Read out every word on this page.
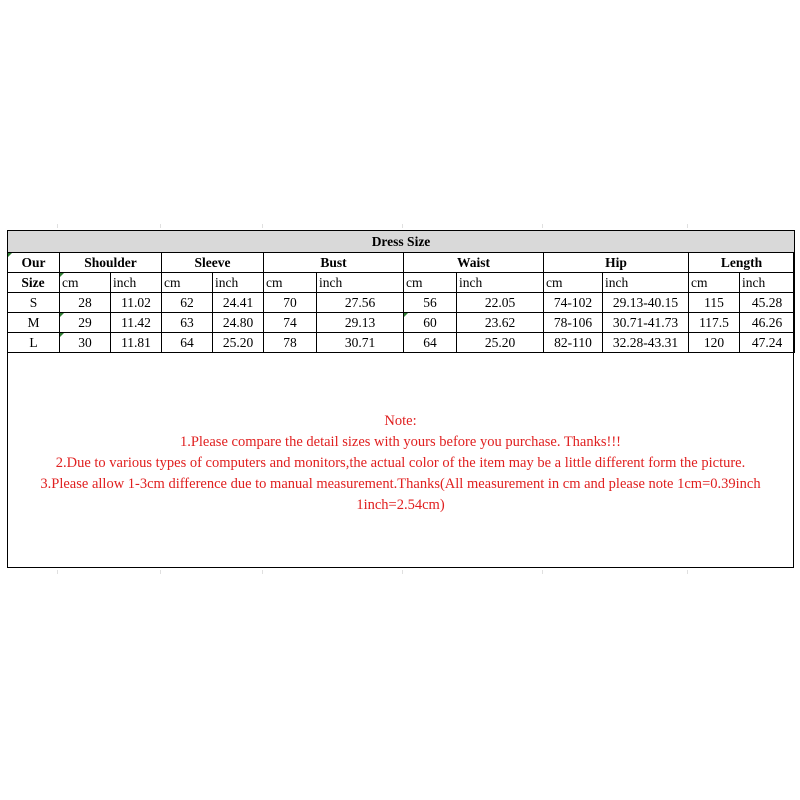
Dress Size												
Our	Shoulder		Sleeve		Bust		Waist		Hip		Length	
Size	cm	inch	cm	inch	cm	inch	cm	inch	cm	inch	cm	inch
S	28	11.02	62	24.41	70	27.56	56	22.05	74-102	29.13-40.15	115	45.28
M	29	11.42	63	24.80	74	29.13	60	23.62	78-106	30.71-41.73	117.5	46.26
L	30	11.81	64	25.20	78	30.71	64	25.20	82-110	32.28-43.31	120	47.24

Note:

1.Please compare the detail sizes with yours before you purchase. Thanks!!!

2.Due to various types of computers and monitors,the actual color of the item may be a little different form the picture.

3.Please allow 1-3cm difference due to manual measurement.Thanks(All measurement in cm and please note 1cm=0.39inch

1inch=2.54cm)
